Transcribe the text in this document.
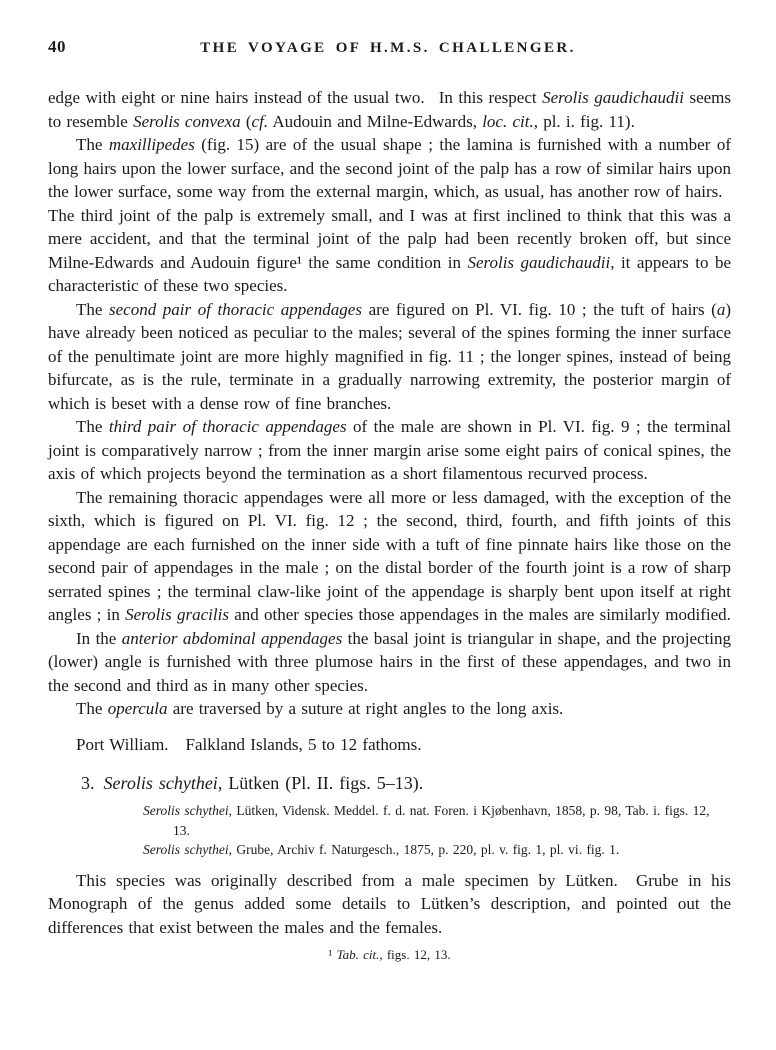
40	THE VOYAGE OF H.M.S. CHALLENGER.

edge with eight or nine hairs instead of the usual two.  In this respect Serolis gaudichaudii seems to resemble Serolis convexa (cf. Audouin and Milne-Edwards, loc. cit., pl. i. fig. 11).

The maxillipedes (fig. 15) are of the usual shape ; the lamina is furnished with a number of long hairs upon the lower surface, and the second joint of the palp has a row of similar hairs upon the lower surface, some way from the external margin, which, as usual, has another row of hairs.  The third joint of the palp is extremely small, and I was at first inclined to think that this was a mere accident, and that the terminal joint of the palp had been recently broken off, but since Milne-Edwards and Audouin figure¹ the same condition in Serolis gaudichaudii, it appears to be characteristic of these two species.

The second pair of thoracic appendages are figured on Pl. VI. fig. 10 ; the tuft of hairs (a) have already been noticed as peculiar to the males; several of the spines forming the inner surface of the penultimate joint are more highly magnified in fig. 11 ; the longer spines, instead of being bifurcate, as is the rule, terminate in a gradually narrowing extremity, the posterior margin of which is beset with a dense row of fine branches.

The third pair of thoracic appendages of the male are shown in Pl. VI. fig. 9 ; the terminal joint is comparatively narrow ; from the inner margin arise some eight pairs of conical spines, the axis of which projects beyond the termination as a short filamentous recurved process.

The remaining thoracic appendages were all more or less damaged, with the exception of the sixth, which is figured on Pl. VI. fig. 12 ; the second, third, fourth, and fifth joints of this appendage are each furnished on the inner side with a tuft of fine pinnate hairs like those on the second pair of appendages in the male ; on the distal border of the fourth joint is a row of sharp serrated spines ; the terminal claw-like joint of the appendage is sharply bent upon itself at right angles ; in Serolis gracilis and other species those appendages in the males are similarly modified.

In the anterior abdominal appendages the basal joint is triangular in shape, and the projecting (lower) angle is furnished with three plumose hairs in the first of these appendages, and two in the second and third as in many other species.

The opercula are traversed by a suture at right angles to the long axis.

Port William. Falkland Islands, 5 to 12 fathoms.

3. Serolis schythei, Lütken (Pl. II. figs. 5–13).

Serolis schythei, Lütken, Vidensk. Meddel. f. d. nat. Foren. i Kjøbenhavn, 1858, p. 98, Tab. i. figs. 12, 13.

Serolis schythei, Grube, Archiv f. Naturgesch., 1875, p. 220, pl. v. fig. 1, pl. vi. fig. 1.

This species was originally described from a male specimen by Lütken.  Grube in his Monograph of the genus added some details to Lütken’s description, and pointed out the differences that exist between the males and the females.

¹ Tab. cit., figs. 12, 13.
